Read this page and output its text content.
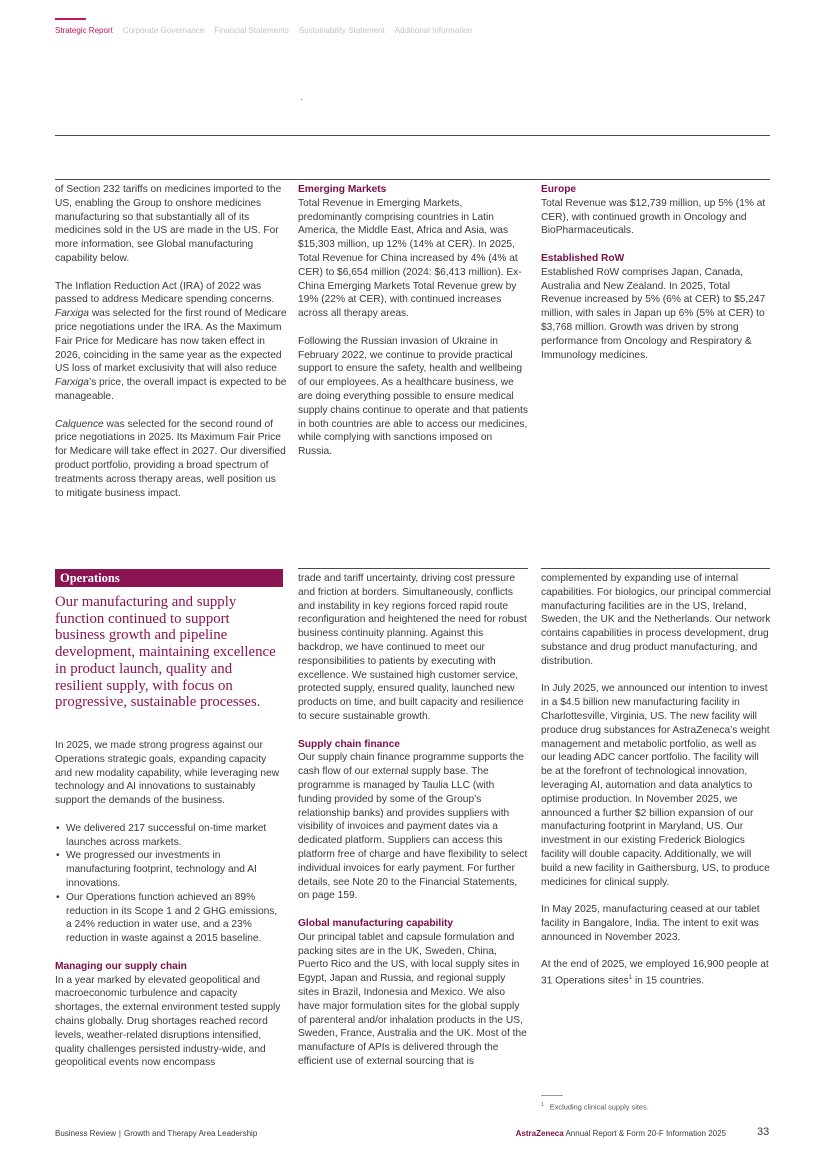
Strategic Report Corporate Governance Financial Statements Sustainability Statement Additional Information

of Section 232 tariffs on medicines imported to the US, enabling the Group to onshore medicines manufacturing so that substantially all of its medicines sold in the US are made in the US. For more information, see Global manufacturing capability below.

The Inflation Reduction Act (IRA) of 2022 was passed to address Medicare spending concerns. Farxiga was selected for the first round of Medicare price negotiations under the IRA. As the Maximum Fair Price for Medicare has now taken effect in 2026, coinciding in the same year as the expected US loss of market exclusivity that will also reduce Farxiga’s price, the overall impact is expected to be manageable.

Calquence was selected for the second round of price negotiations in 2025. Its Maximum Fair Price for Medicare will take effect in 2027. Our diversified product portfolio, providing a broad spectrum of treatments across therapy areas, well position us to mitigate business impact.

Emerging Markets

Total Revenue in Emerging Markets, predominantly comprising countries in Latin America, the Middle East, Africa and Asia, was $15,303 million, up 12% (14% at CER). In 2025, Total Revenue for China increased by 4% (4% at CER) to $6,654 million (2024: $6,413 million). Ex-China Emerging Markets Total Revenue grew by 19% (22% at CER), with continued increases across all therapy areas.

Following the Russian invasion of Ukraine in February 2022, we continue to provide practical support to ensure the safety, health and wellbeing of our employees. As a healthcare business, we are doing everything possible to ensure medical supply chains continue to operate and that patients in both countries are able to access our medicines, while complying with sanctions imposed on Russia.

Europe

Total Revenue was $12,739 million, up 5% (1% at CER), with continued growth in Oncology and BioPharmaceuticals.

Established RoW

Established RoW comprises Japan, Canada, Australia and New Zealand. In 2025, Total Revenue increased by 5% (6% at CER) to $5,247 million, with sales in Japan up 6% (5% at CER) to $3,768 million. Growth was driven by strong performance from Oncology and Respiratory & Immunology medicines.

Operations
Our manufacturing and supply function continued to support business growth and pipeline development, maintaining excellence in product launch, quality and resilient supply, with focus on progressive, sustainable processes.

In 2025, we made strong progress against our Operations strategic goals, expanding capacity and new modality capability, while leveraging new technology and AI innovations to sustainably support the demands of the business.

• We delivered 217 successful on-time market launches across markets.
• We progressed our investments in manufacturing footprint, technology and AI innovations.
• Our Operations function achieved an 89% reduction in its Scope 1 and 2 GHG emissions, a 24% reduction in water use, and a 23% reduction in waste against a 2015 baseline.

Managing our supply chain

In a year marked by elevated geopolitical and macroeconomic turbulence and capacity shortages, the external environment tested supply chains globally. Drug shortages reached record levels, weather-related disruptions intensified, quality challenges persisted industry-wide, and geopolitical events now encompass

trade and tariff uncertainty, driving cost pressure and friction at borders. Simultaneously, conflicts and instability in key regions forced rapid route reconfiguration and heightened the need for robust business continuity planning. Against this backdrop, we have continued to meet our responsibilities to patients by executing with excellence. We sustained high customer service, protected supply, ensured quality, launched new products on time, and built capacity and resilience to secure sustainable growth.

Supply chain finance

Our supply chain finance programme supports the cash flow of our external supply base. The programme is managed by Taulia LLC (with funding provided by some of the Group’s relationship banks) and provides suppliers with visibility of invoices and payment dates via a dedicated platform. Suppliers can access this platform free of charge and have flexibility to select individual invoices for early payment. For further details, see Note 20 to the Financial Statements, on page 159.

Global manufacturing capability

Our principal tablet and capsule formulation and packing sites are in the UK, Sweden, China, Puerto Rico and the US, with local supply sites in Egypt, Japan and Russia, and regional supply sites in Brazil, Indonesia and Mexico. We also have major formulation sites for the global supply of parenteral and/or inhalation products in the US, Sweden, France, Australia and the UK. Most of the manufacture of APIs is delivered through the efficient use of external sourcing that is

complemented by expanding use of internal capabilities. For biologics, our principal commercial manufacturing facilities are in the US, Ireland, Sweden, the UK and the Netherlands. Our network contains capabilities in process development, drug substance and drug product manufacturing, and distribution.

In July 2025, we announced our intention to invest in a $4.5 billion new manufacturing facility in Charlottesville, Virginia, US. The new facility will produce drug substances for AstraZeneca’s weight management and metabolic portfolio, as well as our leading ADC cancer portfolio. The facility will be at the forefront of technological innovation, leveraging AI, automation and data analytics to optimise production. In November 2025, we announced a further $2 billion expansion of our manufacturing footprint in Maryland, US. Our investment in our existing Frederick Biologics facility will double capacity. Additionally, we will build a new facility in Gaithersburg, US, to produce medicines for clinical supply.

In May 2025, manufacturing ceased at our tablet facility in Bangalore, India. The intent to exit was announced in November 2023.

At the end of 2025, we employed 16,900 people at 31 Operations sites$^1$ in 15 countries.

$^1$ Excluding clinical supply sites.
Business Review | Growth and Therapy Area Leadership	AstraZeneca Annual Report & Form 20-F Information 2025	33
